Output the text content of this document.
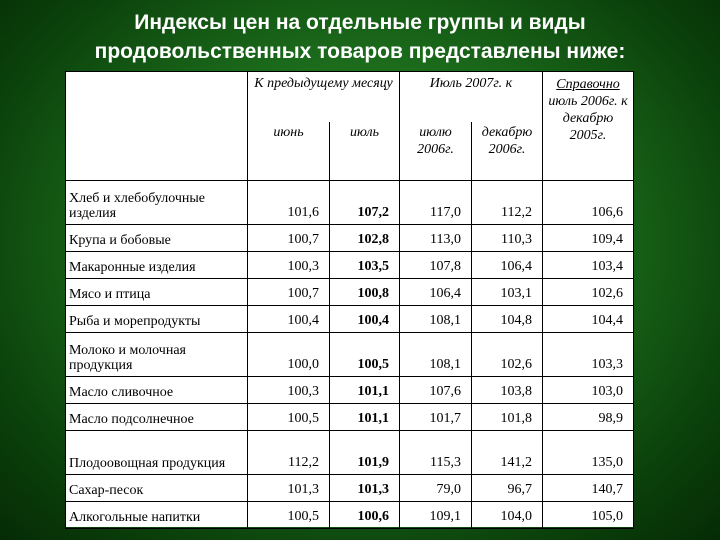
Индексы цен на отдельные группы и виды
продовольственных товаров представлены ниже:
	К предыдущему месяцу		Июль 2007г. к		Справочно
июль 2006г. к декабрю 2005г.
	июнь	июль	июлю 2006г.	декабрю 2006г.	
Хлеб и хлебобулочные изделия	101,6	107,2	117,0	112,2	106,6
Крупа и бобовые	100,7	102,8	113,0	110,3	109,4
Макаронные изделия	100,3	103,5	107,8	106,4	103,4
Мясо и птица	100,7	100,8	106,4	103,1	102,6
Рыба и морепродукты	100,4	100,4	108,1	104,8	104,4
Молоко и молочная продукция	100,0	100,5	108,1	102,6	103,3
Масло сливочное	100,3	101,1	107,6	103,8	103,0
Масло подсолнечное	100,5	101,1	101,7	101,8	98,9
Плодоовощная продукция	112,2	101,9	115,3	141,2	135,0
Сахар-песок	101,3	101,3	79,0	96,7	140,7
Алкогольные напитки	100,5	100,6	109,1	104,0	105,0
